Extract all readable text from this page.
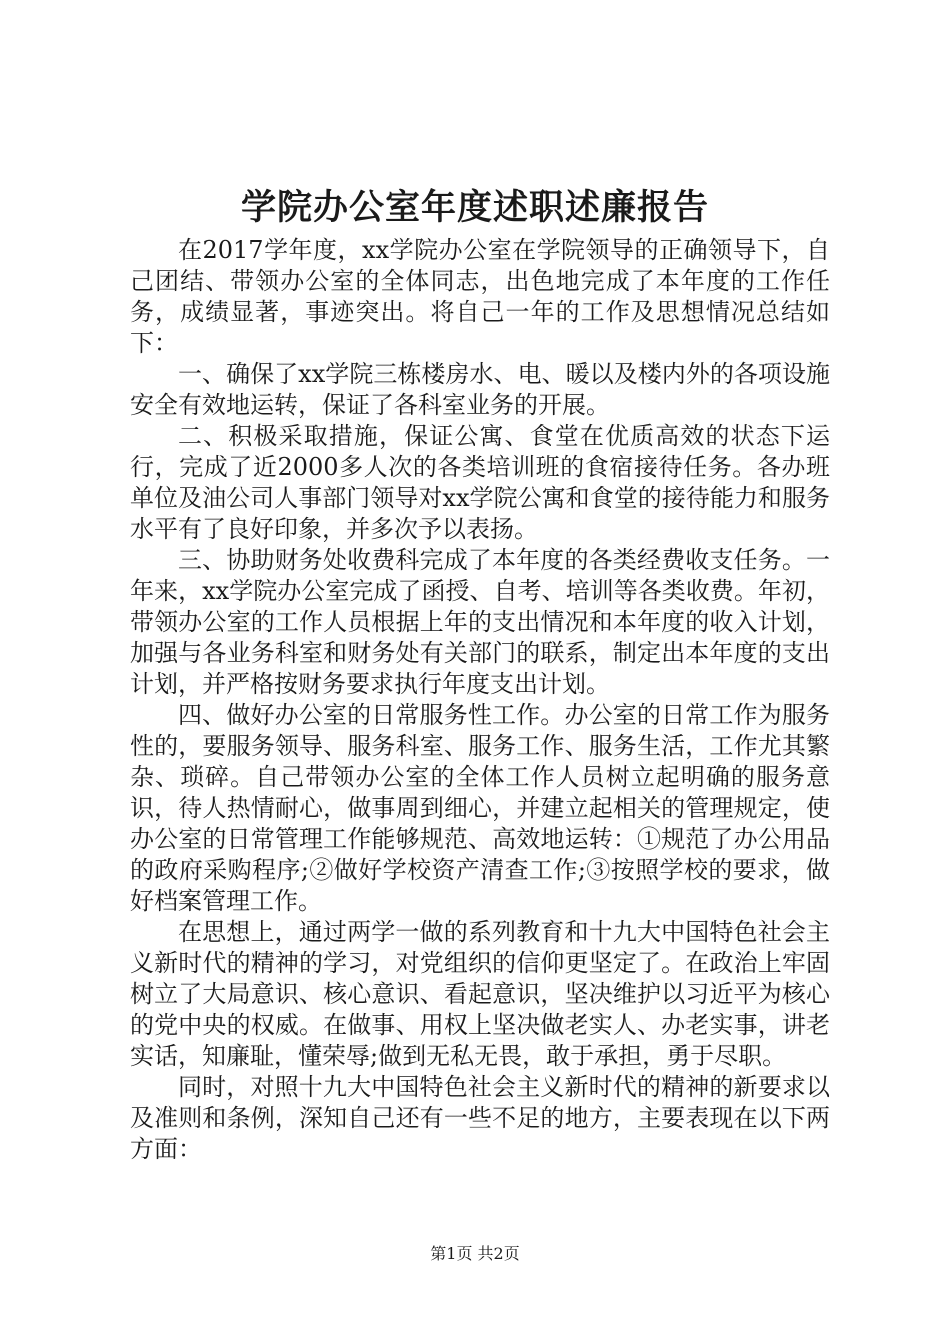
学院办公室年度述职述廉报告

在2017学年度，xx学院办公室在学院领导的正确领导下，自己团结、带领办公室的全体同志，出色地完成了本年度的工作任务，成绩显著，事迹突出。将自己一年的工作及思想情况总结如下：

一、确保了xx学院三栋楼房水、电、暖以及楼内外的各项设施安全有效地运转，保证了各科室业务的开展。

二、积极采取措施，保证公寓、食堂在优质高效的状态下运行，完成了近2000多人次的各类培训班的食宿接待任务。各办班单位及油公司人事部门领导对xx学院公寓和食堂的接待能力和服务水平有了良好印象，并多次予以表扬。

三、协助财务处收费科完成了本年度的各类经费收支任务。一年来，xx学院办公室完成了函授、自考、培训等各类收费。年初，带领办公室的工作人员根据上年的支出情况和本年度的收入计划，加强与各业务科室和财务处有关部门的联系，制定出本年度的支出计划，并严格按财务要求执行年度支出计划。

四、做好办公室的日常服务性工作。办公室的日常工作为服务性的，要服务领导、服务科室、服务工作、服务生活，工作尤其繁杂、琐碎。自己带领办公室的全体工作人员树立起明确的服务意识，待人热情耐心，做事周到细心，并建立起相关的管理规定，使办公室的日常管理工作能够规范、高效地运转：①规范了办公用品的政府采购程序;②做好学校资产清查工作;③按照学校的要求，做好档案管理工作。

在思想上，通过两学一做的系列教育和十九大中国特色社会主义新时代的精神的学习，对党组织的信仰更坚定了。在政治上牢固树立了大局意识、核心意识、看起意识，坚决维护以习近平为核心的党中央的权威。在做事、用权上坚决做老实人、办老实事，讲老实话，知廉耻，懂荣辱;做到无私无畏，敢于承担，勇于尽职。

同时，对照十九大中国特色社会主义新时代的精神的新要求以及准则和条例，深知自己还有一些不足的地方，主要表现在以下两方面：

第1页 共2页
